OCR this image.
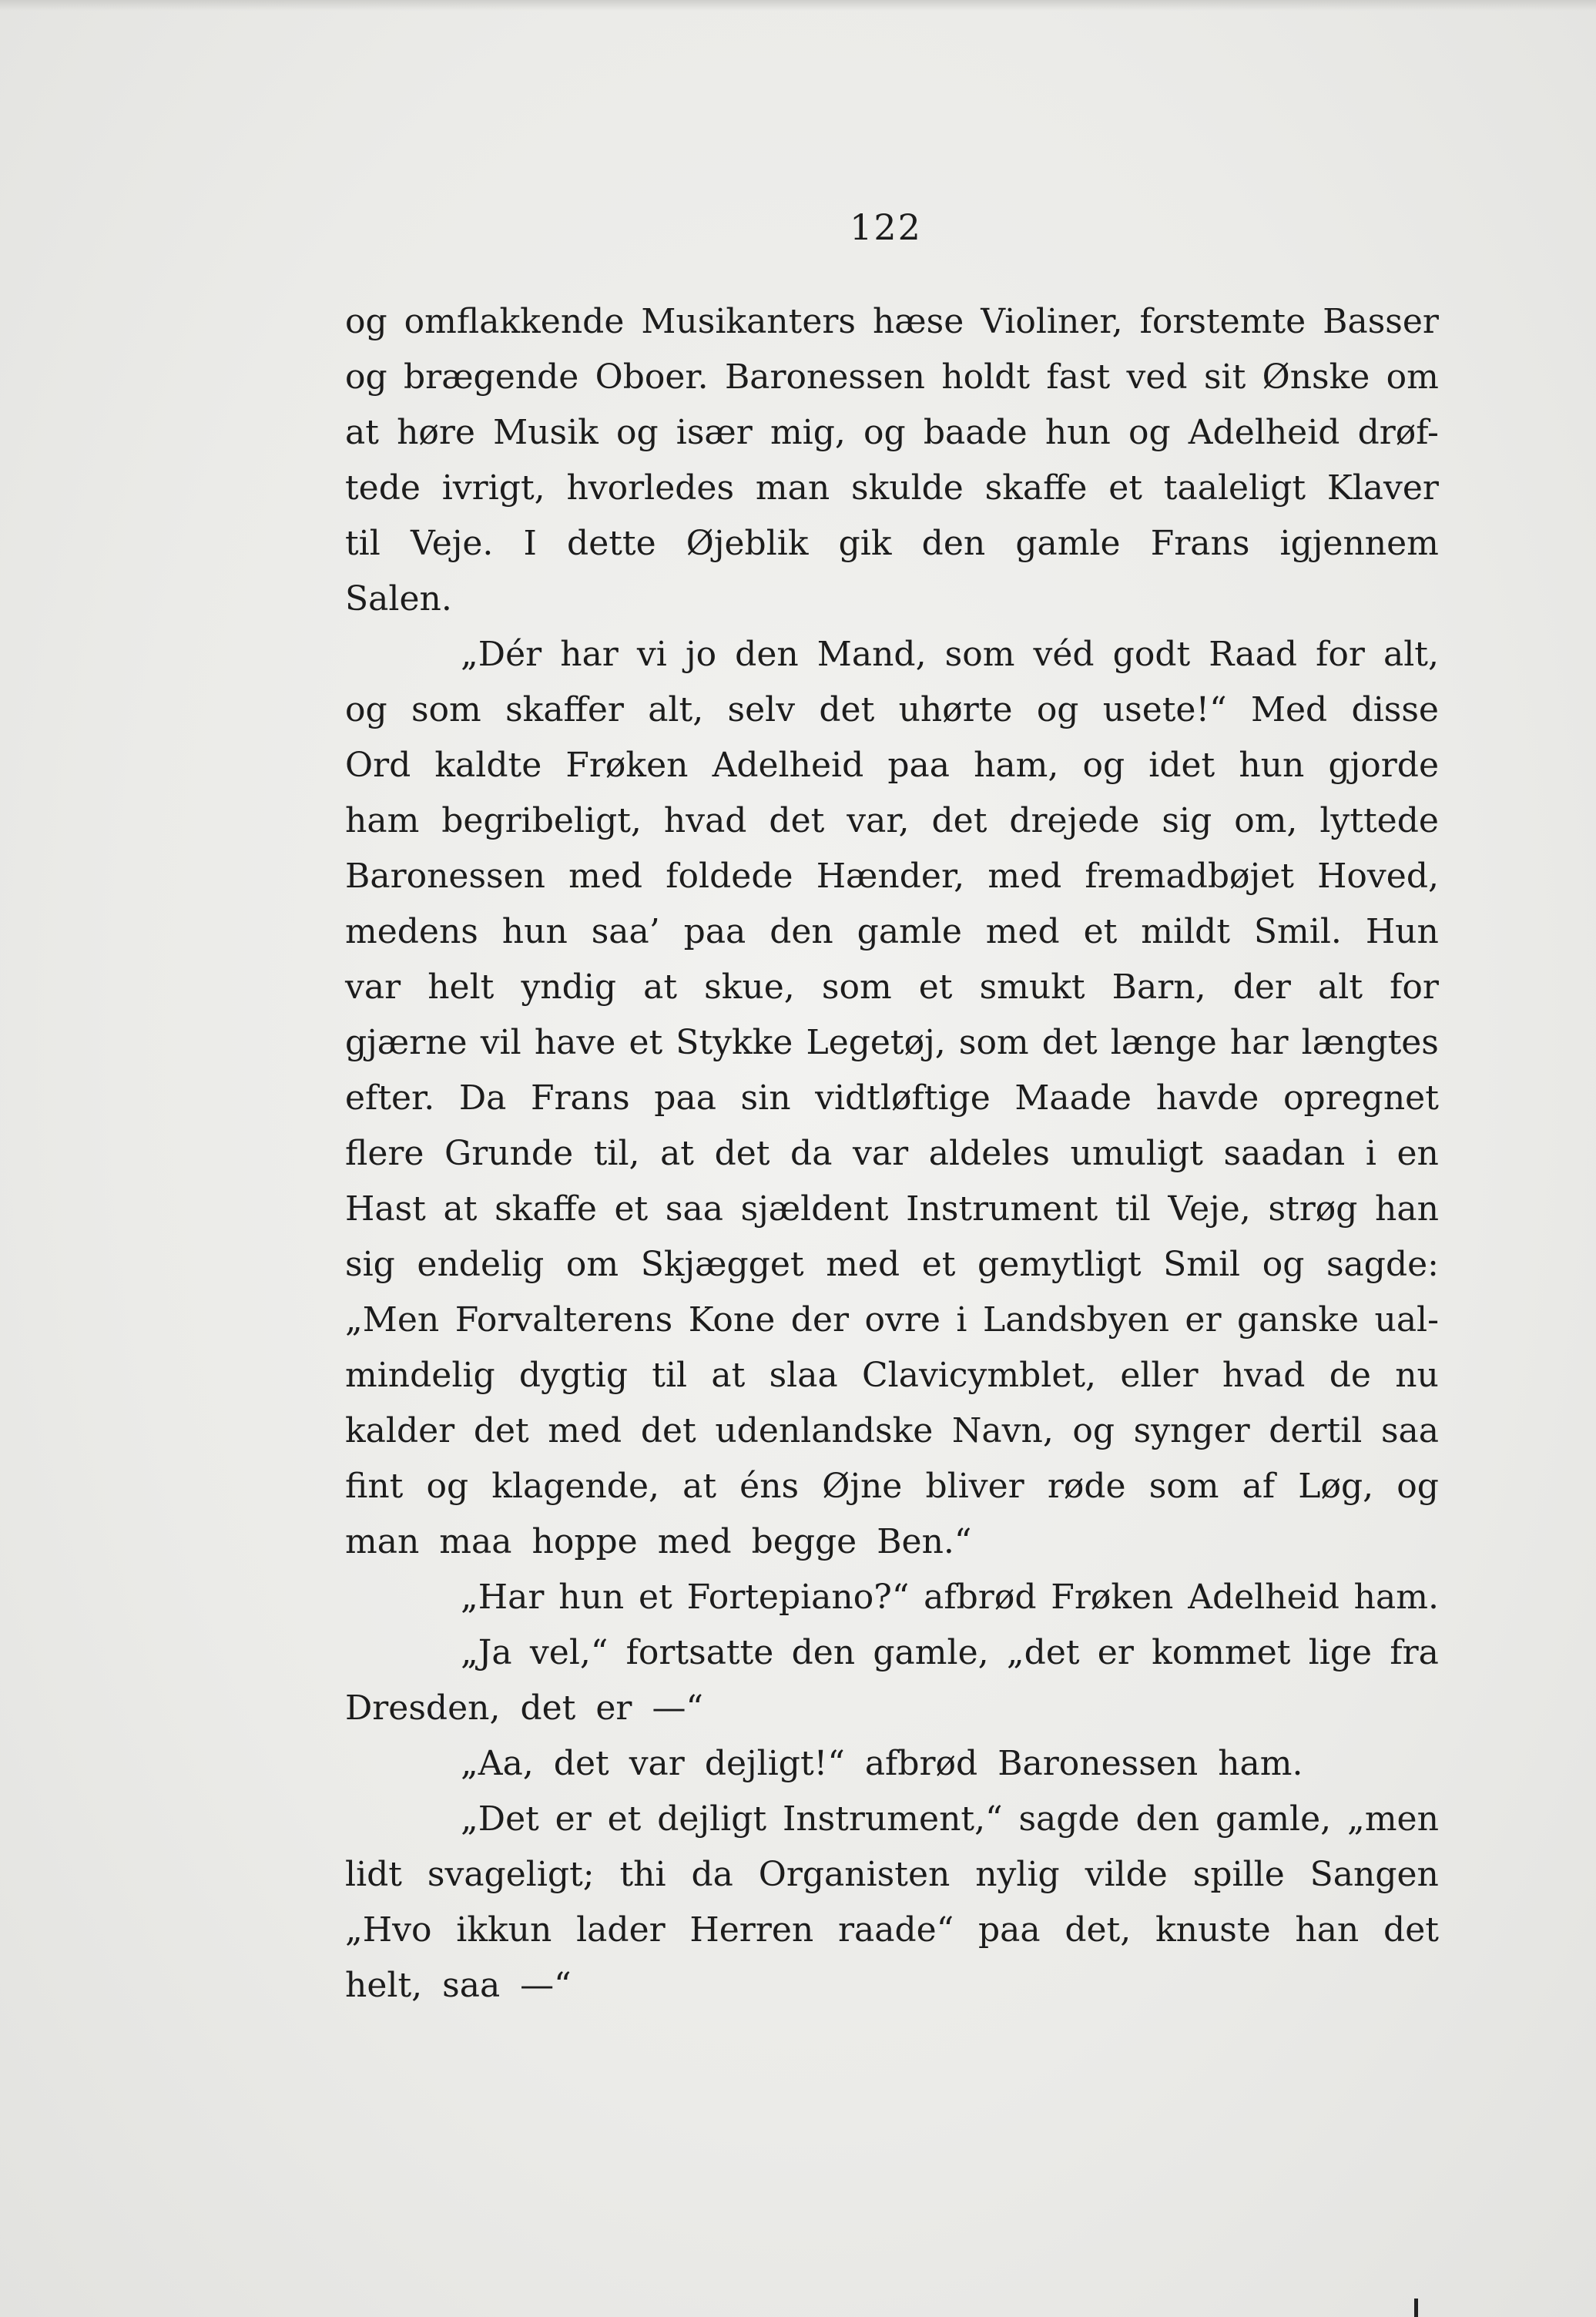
122
og omflakkende Musikanters hæse Violiner, forstemte Basser
og brægende Oboer. Baronessen holdt fast ved sit Ønske om
at høre Musik og især mig, og baade hun og Adelheid drøf-
tede ivrigt, hvorledes man skulde skaffe et taaleligt Klaver
til Veje. I dette Øjeblik gik den gamle Frans igjennem
Salen.
„Dér har vi jo den Mand, som véd godt Raad for alt,
og som skaffer alt, selv det uhørte og usete!“ Med disse
Ord kaldte Frøken Adelheid paa ham, og idet hun gjorde
ham begribeligt, hvad det var, det drejede sig om, lyttede
Baronessen med foldede Hænder, med fremadbøjet Hoved,
medens hun saa’ paa den gamle med et mildt Smil. Hun
var helt yndig at skue, som et smukt Barn, der alt for
gjærne vil have et Stykke Legetøj, som det længe har længtes
efter. Da Frans paa sin vidtløftige Maade havde opregnet
flere Grunde til, at det da var aldeles umuligt saadan i en
Hast at skaffe et saa sjældent Instrument til Veje, strøg han
sig endelig om Skjægget med et gemytligt Smil og sagde:
„Men Forvalterens Kone der ovre i Landsbyen er ganske ual-
mindelig dygtig til at slaa Clavicymblet, eller hvad de nu
kalder det med det udenlandske Navn, og synger dertil saa
fint og klagende, at éns Øjne bliver røde som af Løg, og
man maa hoppe med begge Ben.“
„Har hun et Fortepiano?“ afbrød Frøken Adelheid ham.
„Ja vel,“ fortsatte den gamle, „det er kommet lige fra
Dresden, det er —“
„Aa, det var dejligt!“ afbrød Baronessen ham.
„Det er et dejligt Instrument,“ sagde den gamle, „men
lidt svageligt; thi da Organisten nylig vilde spille Sangen
„Hvo ikkun lader Herren raade“ paa det, knuste han det
helt, saa —“
